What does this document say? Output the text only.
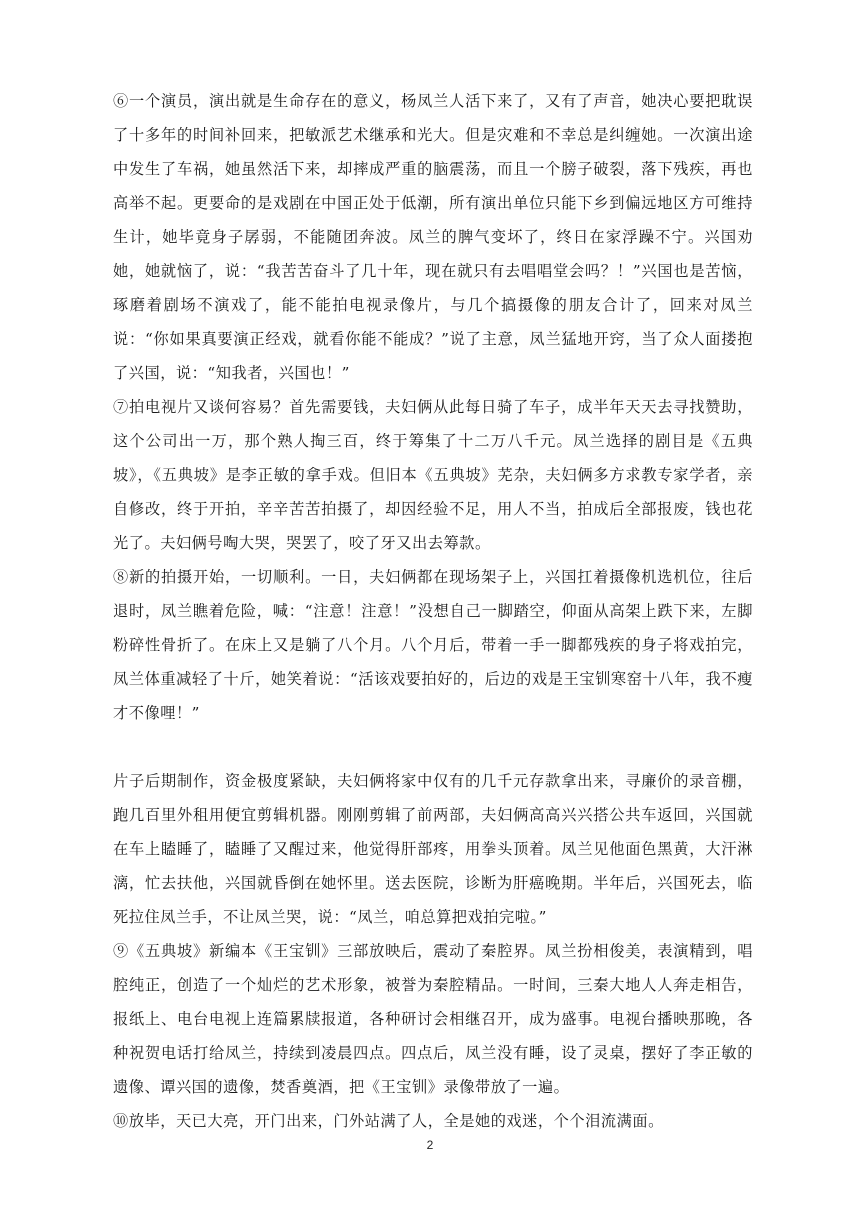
⑥一个演员，演出就是生命存在的意义，杨凤兰人活下来了，又有了声音，她决心要把耽误了十多年的时间补回来，把敏派艺术继承和光大。但是灾难和不幸总是纠缠她。一次演出途中发生了车祸，她虽然活下来，却摔成严重的脑震荡，而且一个膀子破裂，落下残疾，再也高举不起。更要命的是戏剧在中国正处于低潮，所有演出单位只能下乡到偏远地区方可维持生计，她毕竟身子孱弱，不能随团奔波。凤兰的脾气变坏了，终日在家浮躁不宁。兴国劝她，她就恼了，说：“我苦苦奋斗了几十年，现在就只有去唱唱堂会吗？！”兴国也是苦恼，琢磨着剧场不演戏了，能不能拍电视录像片，与几个搞摄像的朋友合计了，回来对凤兰说：“你如果真要演正经戏，就看你能不能成？”说了主意，凤兰猛地开窍，当了众人面搂抱了兴国，说：“知我者，兴国也！”

⑦拍电视片又谈何容易？首先需要钱，夫妇俩从此每日骑了车子，成半年天天去寻找赞助，这个公司出一万，那个熟人掏三百，终于筹集了十二万八千元。凤兰选择的剧目是《五典坡》，《五典坡》是李正敏的拿手戏。但旧本《五典坡》芜杂，夫妇俩多方求教专家学者，亲自修改，终于开拍，辛辛苦苦拍摄了，却因经验不足，用人不当，拍成后全部报废，钱也花光了。夫妇俩号啕大哭，哭罢了，咬了牙又出去筹款。

⑧新的拍摄开始，一切顺利。一日，夫妇俩都在现场架子上，兴国扛着摄像机选机位，往后退时，凤兰瞧着危险，喊：“注意！注意！”没想自己一脚踏空，仰面从高架上跌下来，左脚粉碎性骨折了。在床上又是躺了八个月。八个月后，带着一手一脚都残疾的身子将戏拍完，凤兰体重减轻了十斤，她笑着说：“活该戏要拍好的，后边的戏是王宝钏寒窑十八年，我不瘦才不像哩！”

片子后期制作，资金极度紧缺，夫妇俩将家中仅有的几千元存款拿出来，寻廉价的录音棚，跑几百里外租用便宜剪辑机器。刚刚剪辑了前两部，夫妇俩高高兴兴搭公共车返回，兴国就在车上瞌睡了，瞌睡了又醒过来，他觉得肝部疼，用拳头顶着。凤兰见他面色黑黄，大汗淋漓，忙去扶他，兴国就昏倒在她怀里。送去医院，诊断为肝癌晚期。半年后，兴国死去，临死拉住凤兰手，不让凤兰哭，说：“凤兰，咱总算把戏拍完啦。”

⑨《五典坡》新编本《王宝钏》三部放映后，震动了秦腔界。凤兰扮相俊美，表演精到，唱腔纯正，创造了一个灿烂的艺术形象，被誉为秦腔精品。一时间，三秦大地人人奔走相告，报纸上、电台电视上连篇累牍报道，各种研讨会相继召开，成为盛事。电视台播映那晚，各种祝贺电话打给凤兰，持续到凌晨四点。四点后，凤兰没有睡，设了灵桌，摆好了李正敏的遗像、谭兴国的遗像，焚香奠酒，把《王宝钏》录像带放了一遍。

⑩放毕，天已大亮，开门出来，门外站满了人，全是她的戏迷，个个泪流满面。

2
